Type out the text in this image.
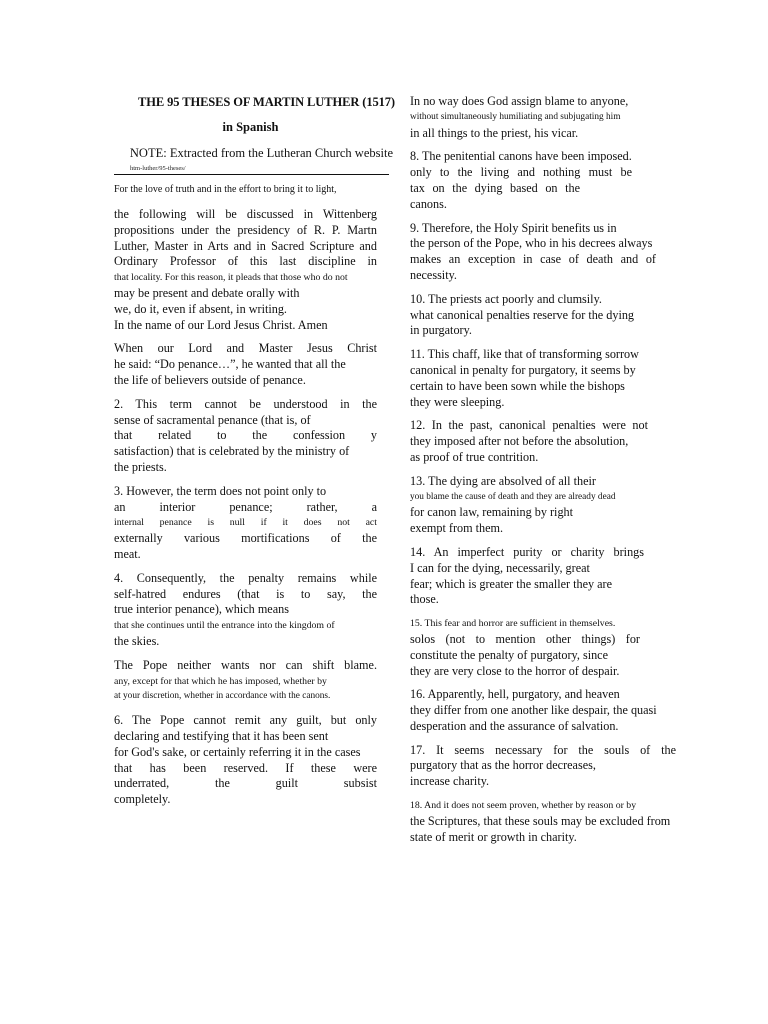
THE 95 THESES OF MARTIN LUTHER (1517)
in Spanish
NOTE: Extracted from the Lutheran Church website
htm-luther/95-theses/
For the love of truth and in the effort to bring it to light,

the following will be discussed in Wittenberg
propositions under the presidency of R. P. Martn
Luther, Master in Arts and in Sacred Scripture and
Ordinary Professor of this last discipline in
that locality. For this reason, it pleads that those who do not
may be present and debate orally with
we, do it, even if absent, in writing.
In the name of our Lord Jesus Christ. Amen

When our Lord and Master Jesus Christ
he said: “Do penance…”, he wanted that all the
the life of believers outside of penance.

2. This term cannot be understood in the
sense of sacramental penance (that is, of
that related to the confession y
satisfaction) that is celebrated by the ministry of
the priests.

3. However, the term does not point only to
an interior penance; rather, a
internal penance is null if it does not act
externally various mortifications of the
meat.

4. Consequently, the penalty remains while
self-hatred endures (that is to say, the
true interior penance), which means
that she continues until the entrance into the kingdom of
the skies.

The Pope neither wants nor can shift blame.
any, except for that which he has imposed, whether by
at your discretion, whether in accordance with the canons.

6. The Pope cannot remit any guilt, but only
declaring and testifying that it has been sent
for God's sake, or certainly referring it in the cases
that has been reserved. If these were
underrated, the guilt subsist
completely.

In no way does God assign blame to anyone,
without simultaneously humiliating and subjugating him
in all things to the priest, his vicar.

8. The penitential canons have been imposed.
only to the living and nothing must be
tax on the dying based on the
canons.

9. Therefore, the Holy Spirit benefits us in
the person of the Pope, who in his decrees always
makes an exception in case of death and of
necessity.

10. The priests act poorly and clumsily.
what canonical penalties reserve for the dying
in purgatory.

11. This chaff, like that of transforming sorrow
canonical in penalty for purgatory, it seems by
certain to have been sown while the bishops
they were sleeping.

12. In the past, canonical penalties were not
they imposed after not before the absolution,
as proof of true contrition.

13. The dying are absolved of all their
you blame the cause of death and they are already dead
for canon law, remaining by right
exempt from them.

14. An imperfect purity or charity brings
I can for the dying, necessarily, great
fear; which is greater the smaller they are
those.

15. This fear and horror are sufficient in themselves.
solos (not to mention other things) for
constitute the penalty of purgatory, since
they are very close to the horror of despair.

16. Apparently, hell, purgatory, and heaven
they differ from one another like despair, the quasi
desperation and the assurance of salvation.

17. It seems necessary for the souls of the
purgatory that as the horror decreases,
increase charity.

18. And it does not seem proven, whether by reason or by
the Scriptures, that these souls may be excluded from
state of merit or growth in charity.
